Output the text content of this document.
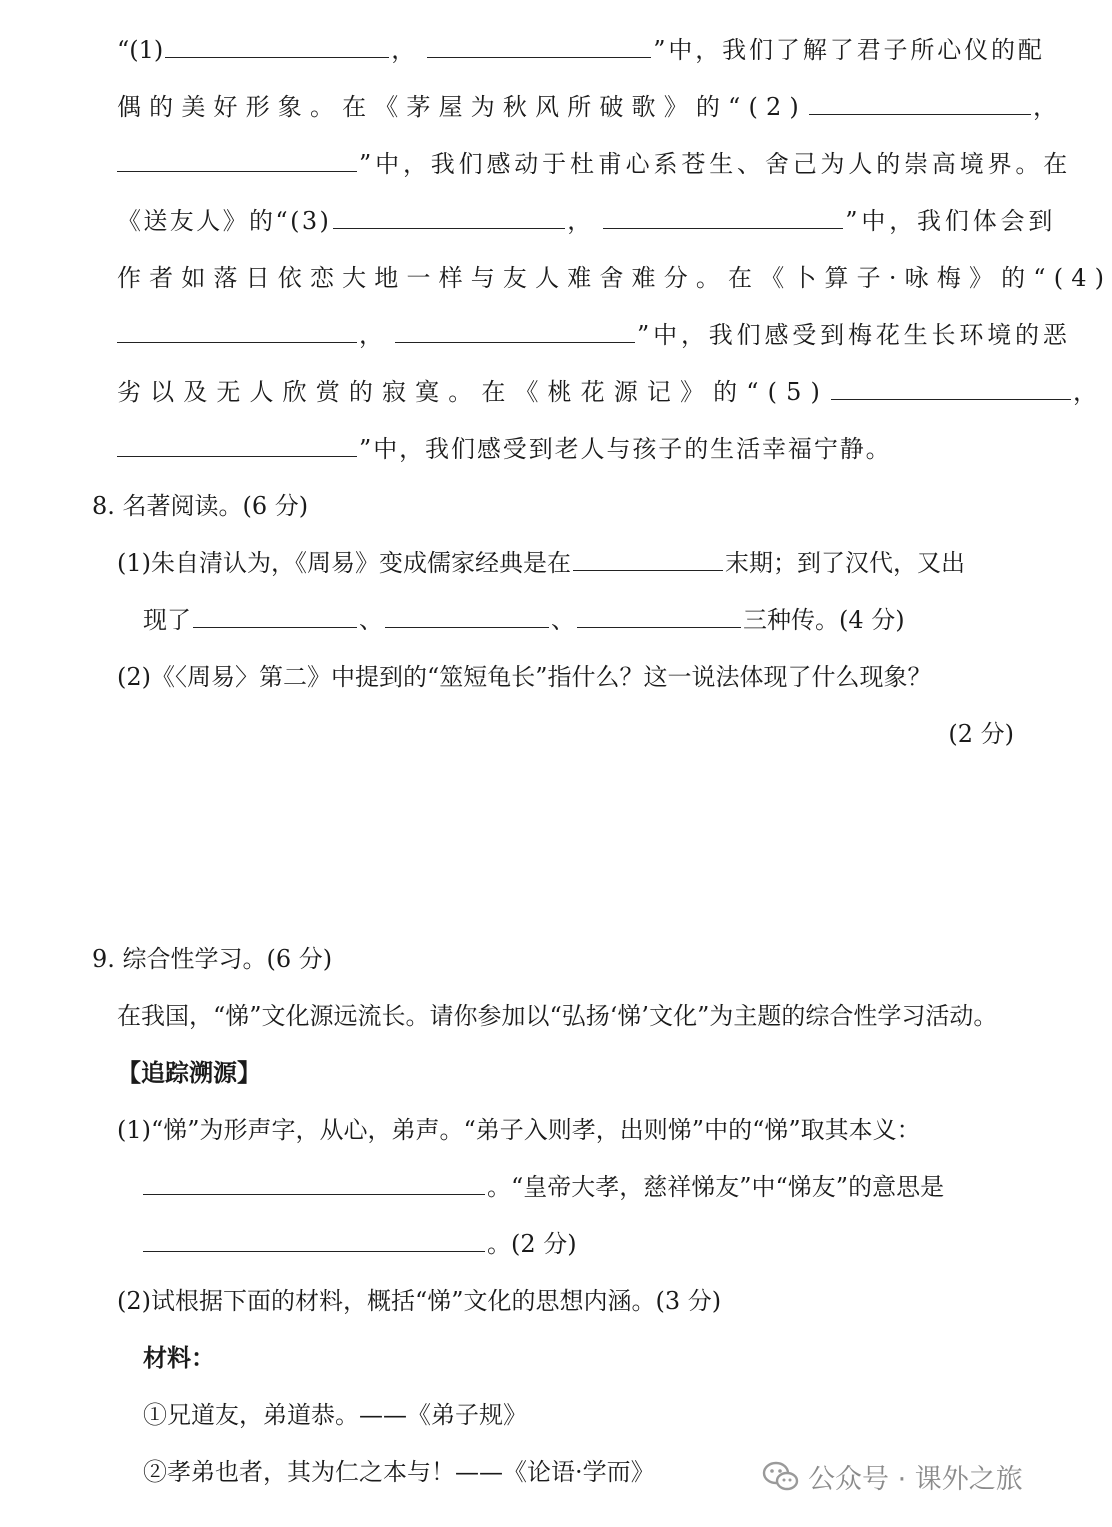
“(1)	，	”中，我们了解了君子所心仪的配
偶的美好形象。在《茅屋为秋风所破歌》的“(2)	，
”中，我们感动于杜甫心系苍生、舍己为人的崇高境界。在
《送友人》的“(3)	，	”中，我们体会到
作者如落日依恋大地一样与友人难舍难分。在《卜算子·咏梅》的“(4)
，	”中，我们感受到梅花生长环境的恶
劣以及无人欣赏的寂寞。在《桃花源记》的“(5)	，
”中，我们感受到老人与孩子的生活幸福宁静。
8. 名著阅读。(6 分)
(1)朱自清认为，《周易》变成儒家经典是在	末期；到了汉代，又出
现了	、	、	三种传。(4 分)
(2)《〈周易〉第二》中提到的“筮短龟长”指什么？这一说法体现了什么现象？
(2 分)
9. 综合性学习。(6 分)
在我国，“悌”文化源远流长。请你参加以“弘扬‘悌’文化”为主题的综合性学习活动。
【追踪溯源】
(1)“悌”为形声字，从心，弟声。“弟子入则孝，出则悌”中的“悌”取其本义：
。“皇帝大孝，慈祥悌友”中“悌友”的意思是
。(2 分)
(2)试根据下面的材料，概括“悌”文化的思想内涵。(3 分)
材料：
①兄道友，弟道恭。——《弟子规》
②孝弟也者，其为仁之本与！——《论语·学而》	公众号 · 课外之旅
